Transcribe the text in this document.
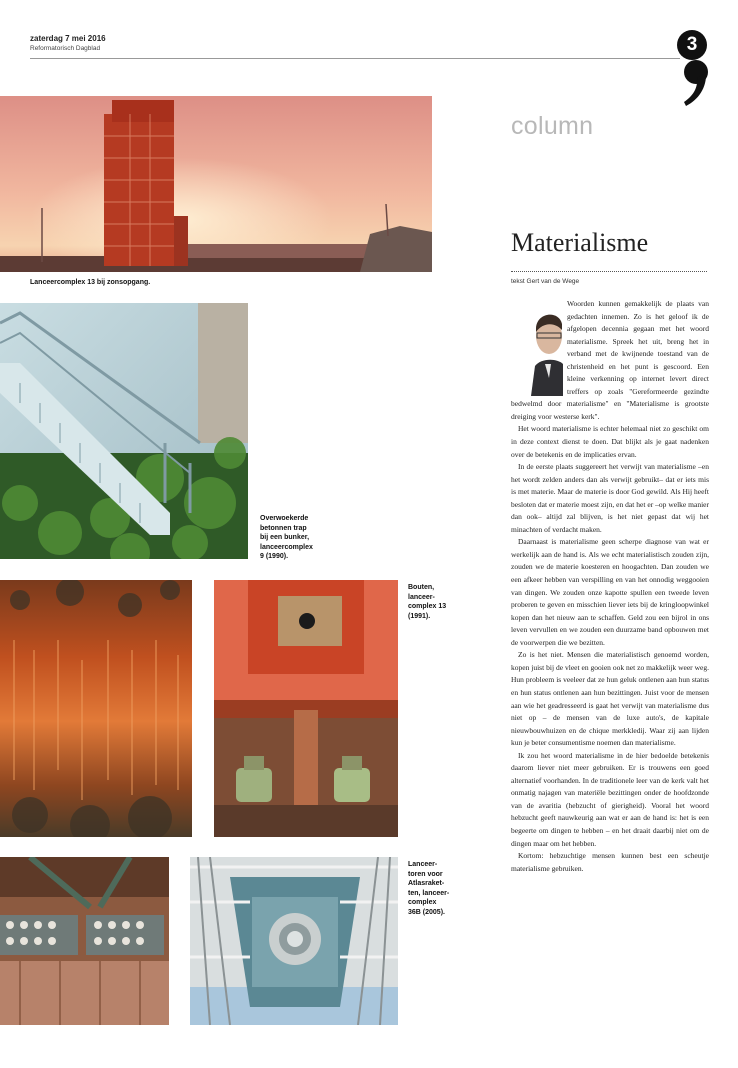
zaterdag 7 mei 2016
Reformatorisch Dagblad	3
Lanceercomplex 13 bij zonsopgang.
Overwoekerde
betonnen trap
bij een bunker,
lanceercomplex
9 (1990).
Bouten,
lanceer-
complex 13
(1991).
Lanceer-
toren voor
Atlasraket-
ten, lanceer-
complex
36B (2005).
column
Materialisme
tekst Gert van de Wege

Woorden kunnen gemakkelijk de plaats van gedachten innemen. Zo is het geloof ik de afgelopen decennia gegaan met het woord materialisme. Spreek het uit, breng het in verband met de kwijnende toestand van de christenheid en het punt is gescoord. Een kleine verkenning op internet levert direct treffers op zoals "Gereformeerde gezindte bedwelmd door materialisme" en "Materialisme is grootste dreiging voor westerse kerk".

Het woord materialisme is echter helemaal niet zo geschikt om in deze context dienst te doen. Dat blijkt als je gaat nadenken over de betekenis en de implicaties ervan.

In de eerste plaats suggereert het verwijt van materialisme –en het wordt zelden anders dan als verwijt gebruikt– dat er iets mis is met materie. Maar de materie is door God gewild. Als Hij heeft besloten dat er materie moest zijn, en dat het er –op welke manier dan ook– altijd zal blijven, is het niet gepast dat wij het minachten of verdacht maken.

Daarnaast is materialisme geen scherpe diagnose van wat er werkelijk aan de hand is. Als we echt materialistisch zouden zijn, zouden we de materie koesteren en hoogachten. Dan zouden we een afkeer hebben van verspilling en van het onnodig weggooien van dingen. We zouden onze kapotte spullen een tweede leven proberen te geven en misschien liever iets bij de kringloopwinkel kopen dan het nieuw aan te schaffen. Geld zou een bijrol in ons leven vervullen en we zouden een duurzame band opbouwen met de voorwerpen die we bezitten.

Zo is het niet. Mensen die materialistisch genoemd worden, kopen juist bij de vleet en gooien ook net zo makkelijk weer weg. Hun probleem is veeleer dat ze hun geluk ontlenen aan hun status en hun status ontlenen aan hun bezittingen. Juist voor de mensen aan wie het geadresseerd is gaat het verwijt van materialisme dus niet op – de mensen van de luxe auto's, de kapitale nieuwbouwhuizen en de chique merkkledij. Waar zij aan lijden kun je beter consumentisme noemen dan materialisme.

Ik zou het woord materialisme in de hier bedoelde betekenis daarom liever niet meer gebruiken. Er is trouwens een goed alternatief voorhanden. In de traditionele leer van de kerk valt het onmatig najagen van materiële bezittingen onder de hoofdzonde van de avaritia (hebzucht of gierigheid). Vooral het woord hebzucht geeft nauwkeurig aan wat er aan de hand is: het is een begeerte om dingen te hebben – en het draait daarbij niet om de dingen maar om het hebben.

Kortom: hebzuchtige mensen kunnen best een scheutje materialisme gebruiken.
